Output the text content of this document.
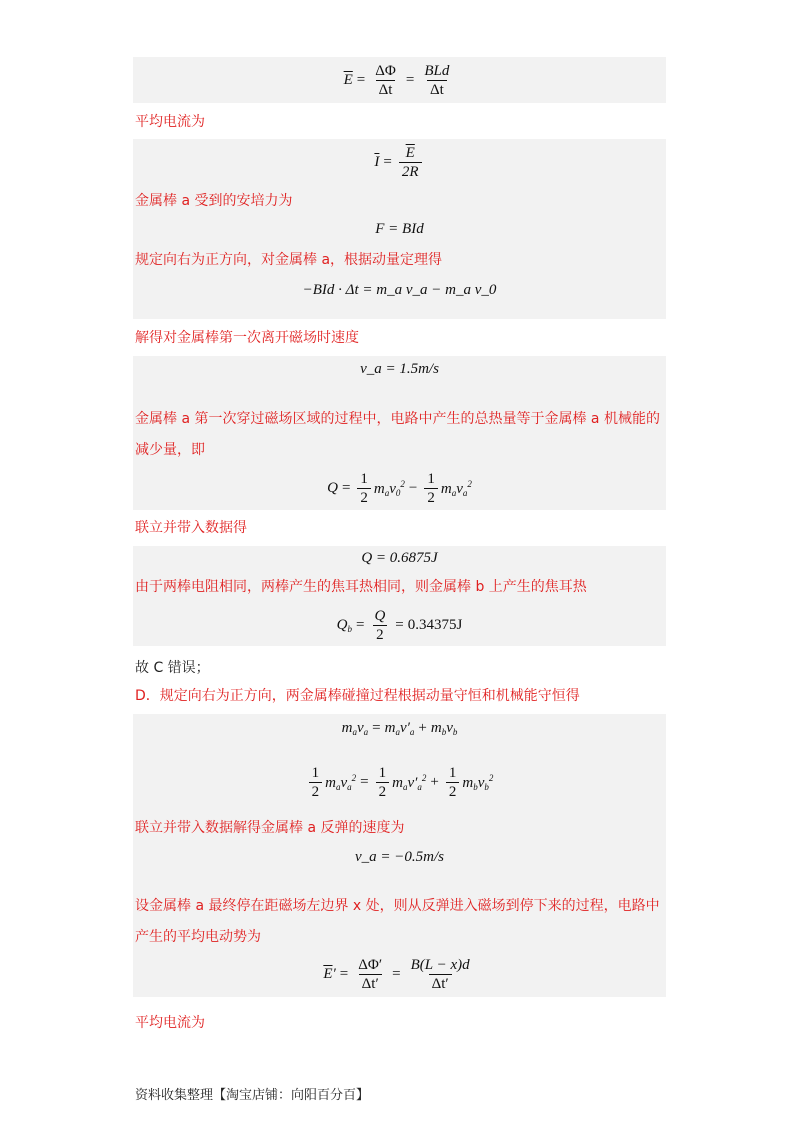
$\overline{E} = \frac{\Delta\Phi}{\Delta t} = \frac{\text{BLd}}{\Delta t}$
平均电流为
$\overline{I} = \frac{\overline{E}}{2R}$
金属棒 a 受到的安培力为
F = BId
规定向右为正方向，对金属棒 a，根据动量定理得
−BId · Δt = m_a v_a − m_a v_0
解得对金属棒第一次离开磁场时速度
v_a = 1.5m/s
金属棒 a 第一次穿过磁场区域的过程中，电路中产生的总热量等于金属棒 a 机械能的
减少量，即
$Q = \frac{1}{2} m_av_0^2 - \frac{1}{2} m_av_a^2$
联立并带入数据得
Q = 0.6875J
由于两棒电阻相同，两棒产生的焦耳热相同，则金属棒 b 上产生的焦耳热
$Q_b = \frac{Q}{2} = 0.34375J$
故 C 错误；
D．规定向右为正方向，两金属棒碰撞过程根据动量守恒和机械能守恒得
$m_av_a = m_av'_a + m_bv_b$
$\frac{1}{2} m_av_a^2 = \frac{1}{2} m_av'_a^2 + \frac{1}{2} m_bv_b^2$
联立并带入数据解得金属棒 a 反弹的速度为
v_a = −0.5m/s
设金属棒 a 最终停在距磁场左边界 x 处，则从反弹进入磁场到停下来的过程，电路中
产生的平均电动势为
$\overline{E}' = \frac{\Delta\Phi'}{\Delta t'} = \frac{B(L - x)d}{\Delta t'}$
平均电流为
资料收集整理【淘宝店铺：向阳百分百】
